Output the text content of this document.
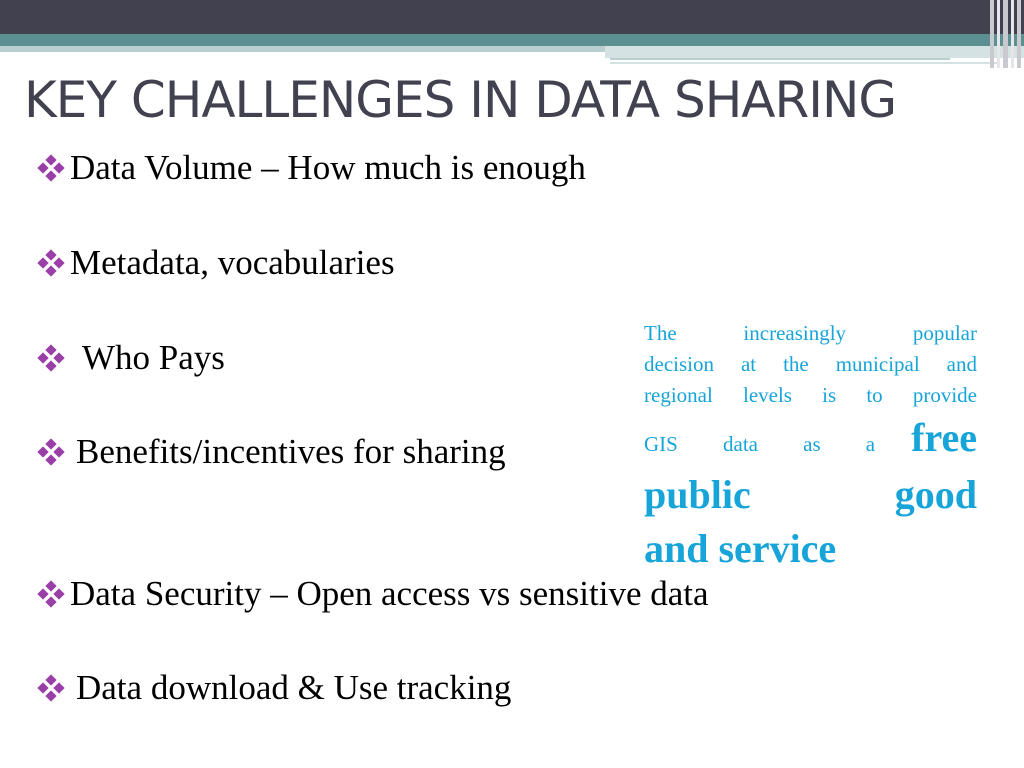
KEY CHALLENGES IN DATA SHARING
Data Volume – How much is enough
Metadata, vocabularies
Who Pays
Benefits/incentives for sharing
Data Security – Open access vs sensitive data
Data download & Use tracking
The increasingly popular
decision at the municipal and
regional levels is to provide
GIS data as a free
public good
and service
